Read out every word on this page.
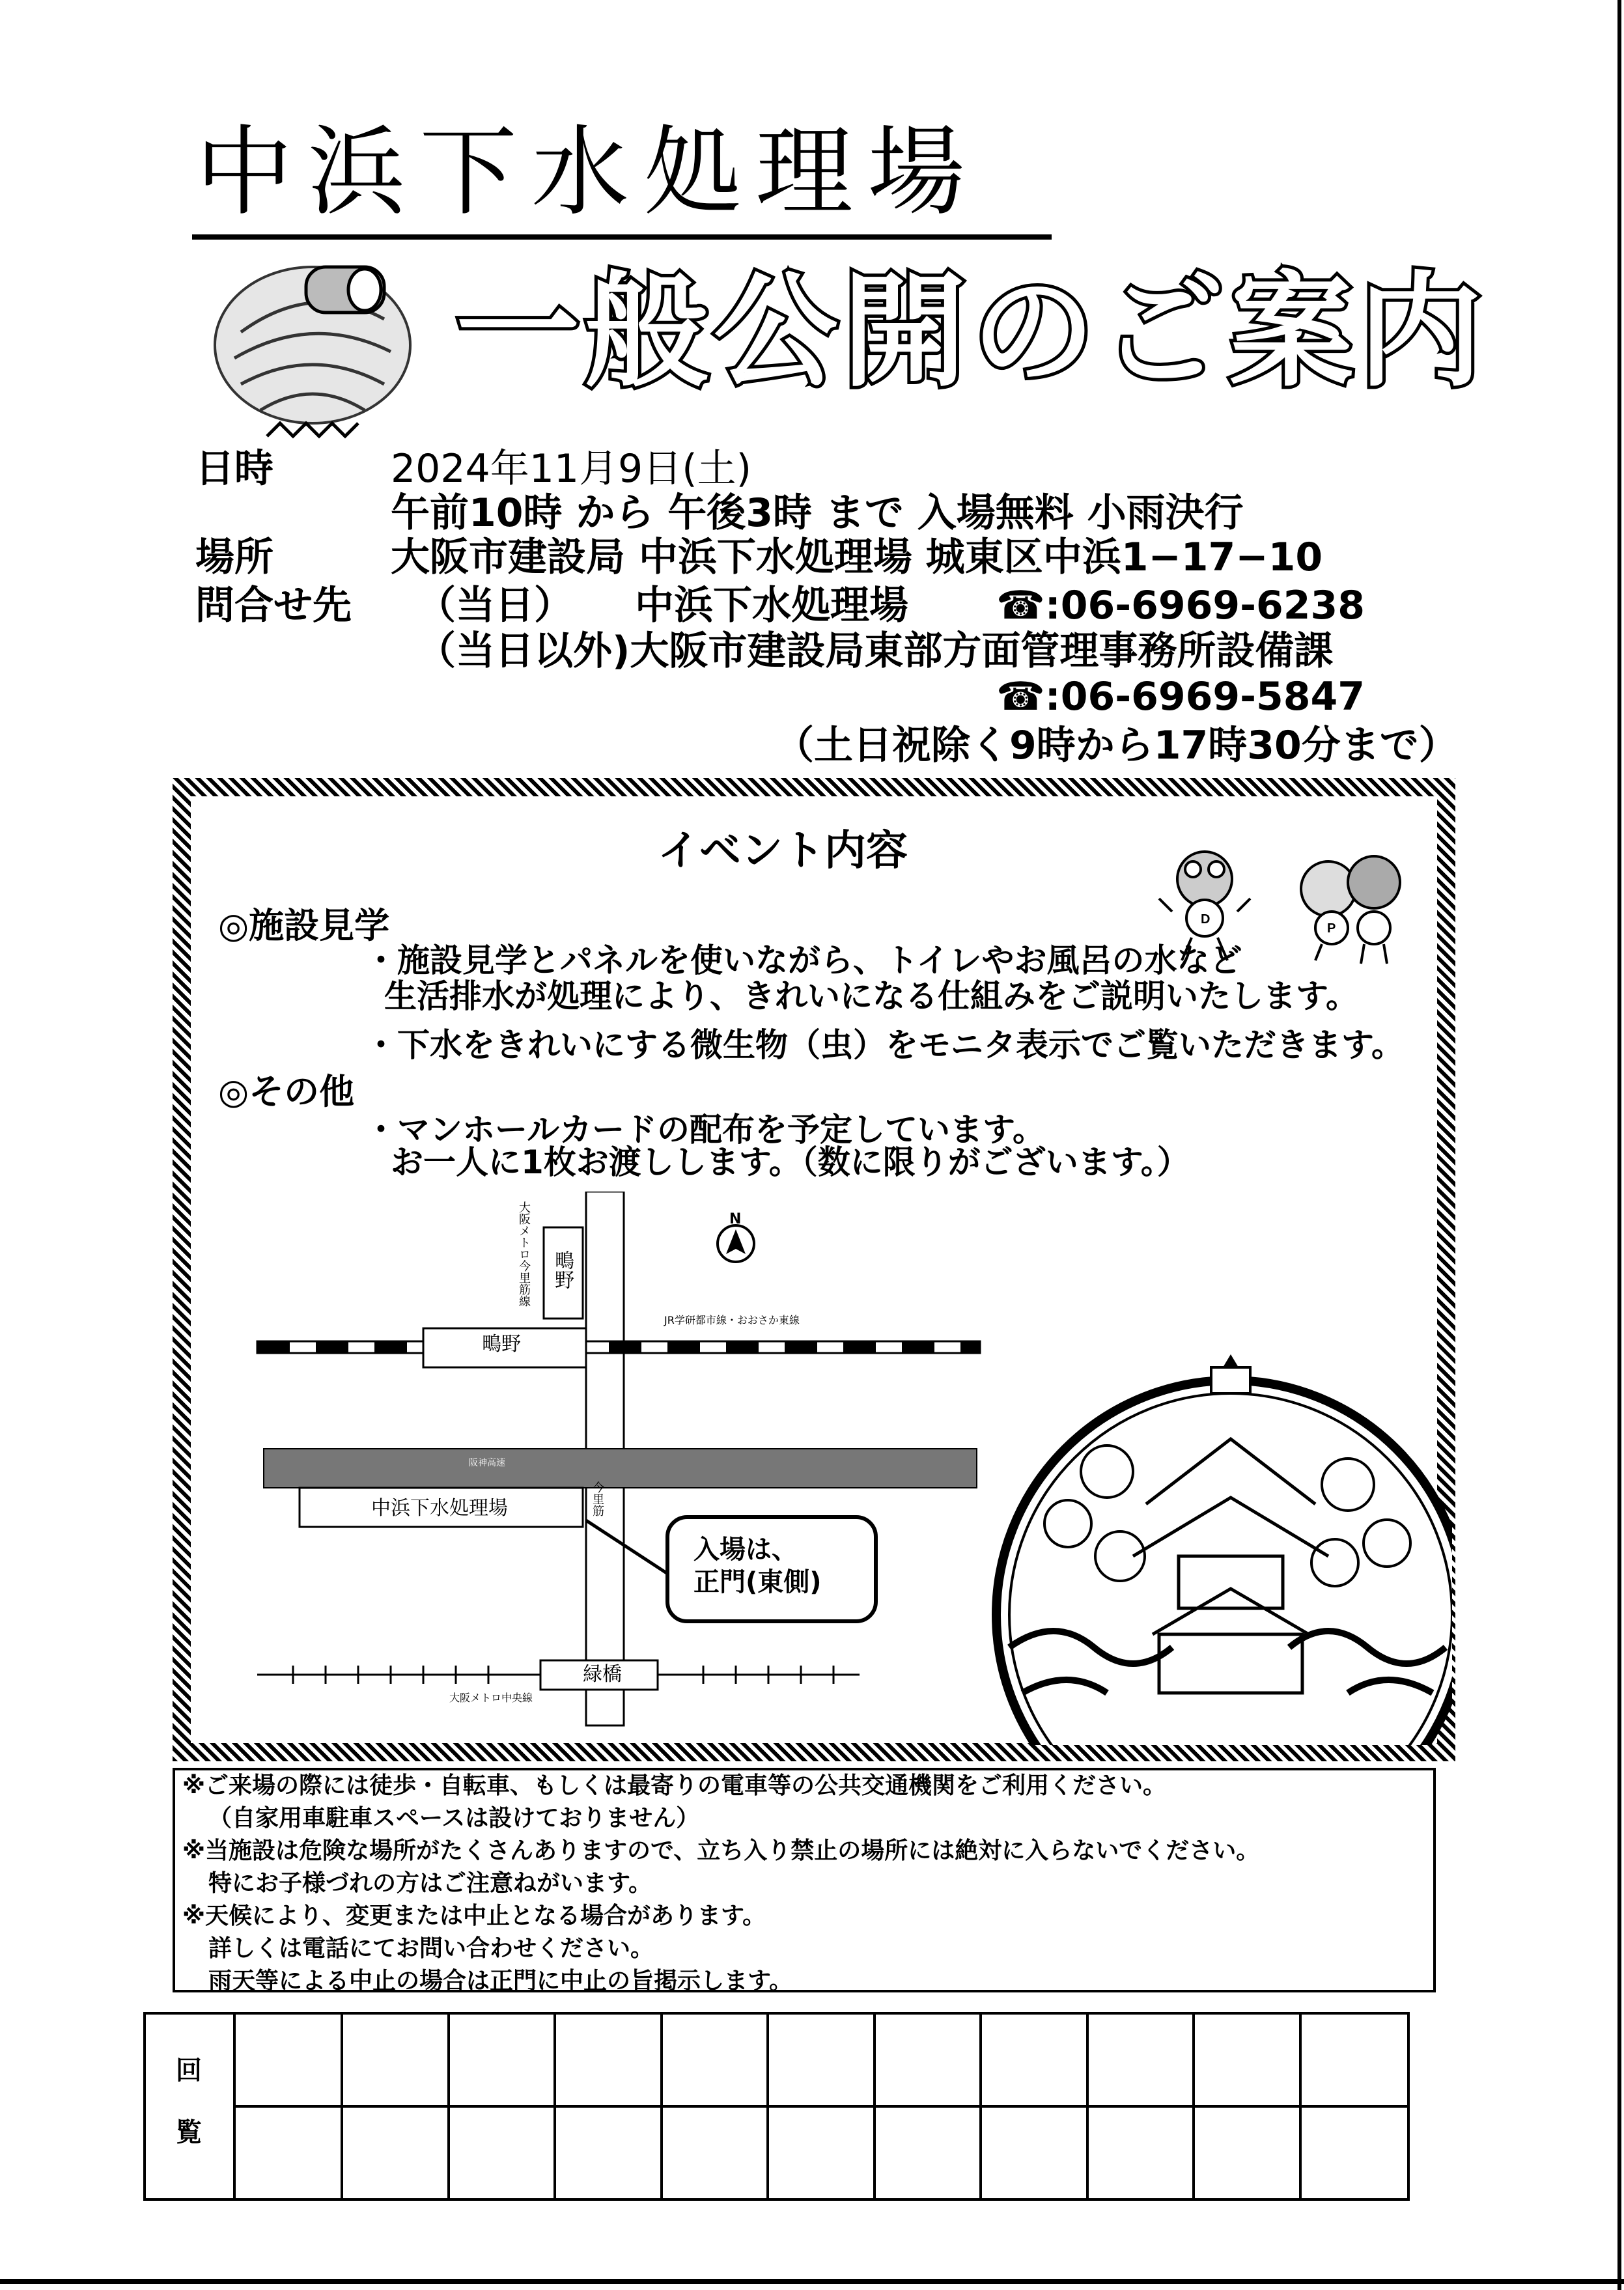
中浜下水処理場
一般公開のご案内
日時	2024年11月9日(土)
午前10時 から 午後3時 まで 入場無料 小雨決行
場所	大阪市建設局 中浜下水処理場 城東区中浜1−17−10
問合せ先 （当日） 中浜下水処理場 ☎:06-6969-6238
（当日以外)大阪市建設局東部方面管理事務所設備課
☎:06-6969-5847
（土日祝除く9時から17時30分まで）
イベント内容
◎施設見学
・施設見学とパネルを使いながら、トイレやお風呂の水など
生活排水が処理により、きれいになる仕組みをご説明いたします。
・下水をきれいにする微生物（虫）をモニタ表示でご覧いただきます。
◎その他
・マンホールカードの配布を予定しています。
お一人に1枚お渡しします。（数に限りがございます。）
D
P
N
大阪メトロ今里筋線 鴫野
鴫野
JR学研都市線・おおさか東線
阪神高速
今里筋
中浜下水処理場
入場は、
正門(東側)
緑橋
大阪メトロ中央線
※ご来場の際には徒歩・自転車、もしくは最寄りの電車等の公共交通機関をご利用ください。
（自家用車駐車スペースは設けておりません）
※当施設は危険な場所がたくさんありますので、立ち入り禁止の場所には絶対に入らないでください。
特にお子様づれの方はご注意ねがいます。
※天候により、変更または中止となる場合があります。
詳しくは電話にてお問い合わせください。
雨天等による中止の場合は正門に中止の旨掲示します。
回
覧
